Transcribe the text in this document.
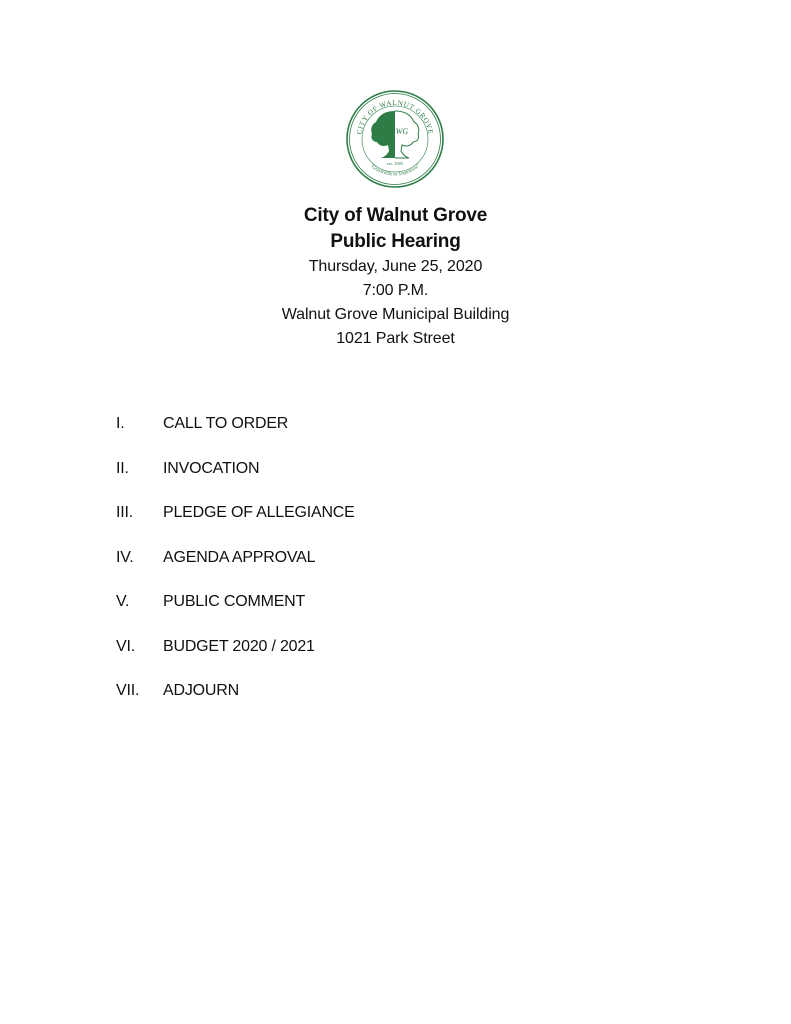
CITY OF WALNUT GROVE
"Grassroots to Tomorrow"
WG
est. 1905
City of Walnut Grove
Public Hearing
Thursday, June 25, 2020
7:00 P.M.
Walnut Grove Municipal Building
1021 Park Street
I. CALL TO ORDER
II. INVOCATION
III. PLEDGE OF ALLEGIANCE
IV. AGENDA APPROVAL
V. PUBLIC COMMENT
VI. BUDGET 2020 / 2021
VII. ADJOURN
